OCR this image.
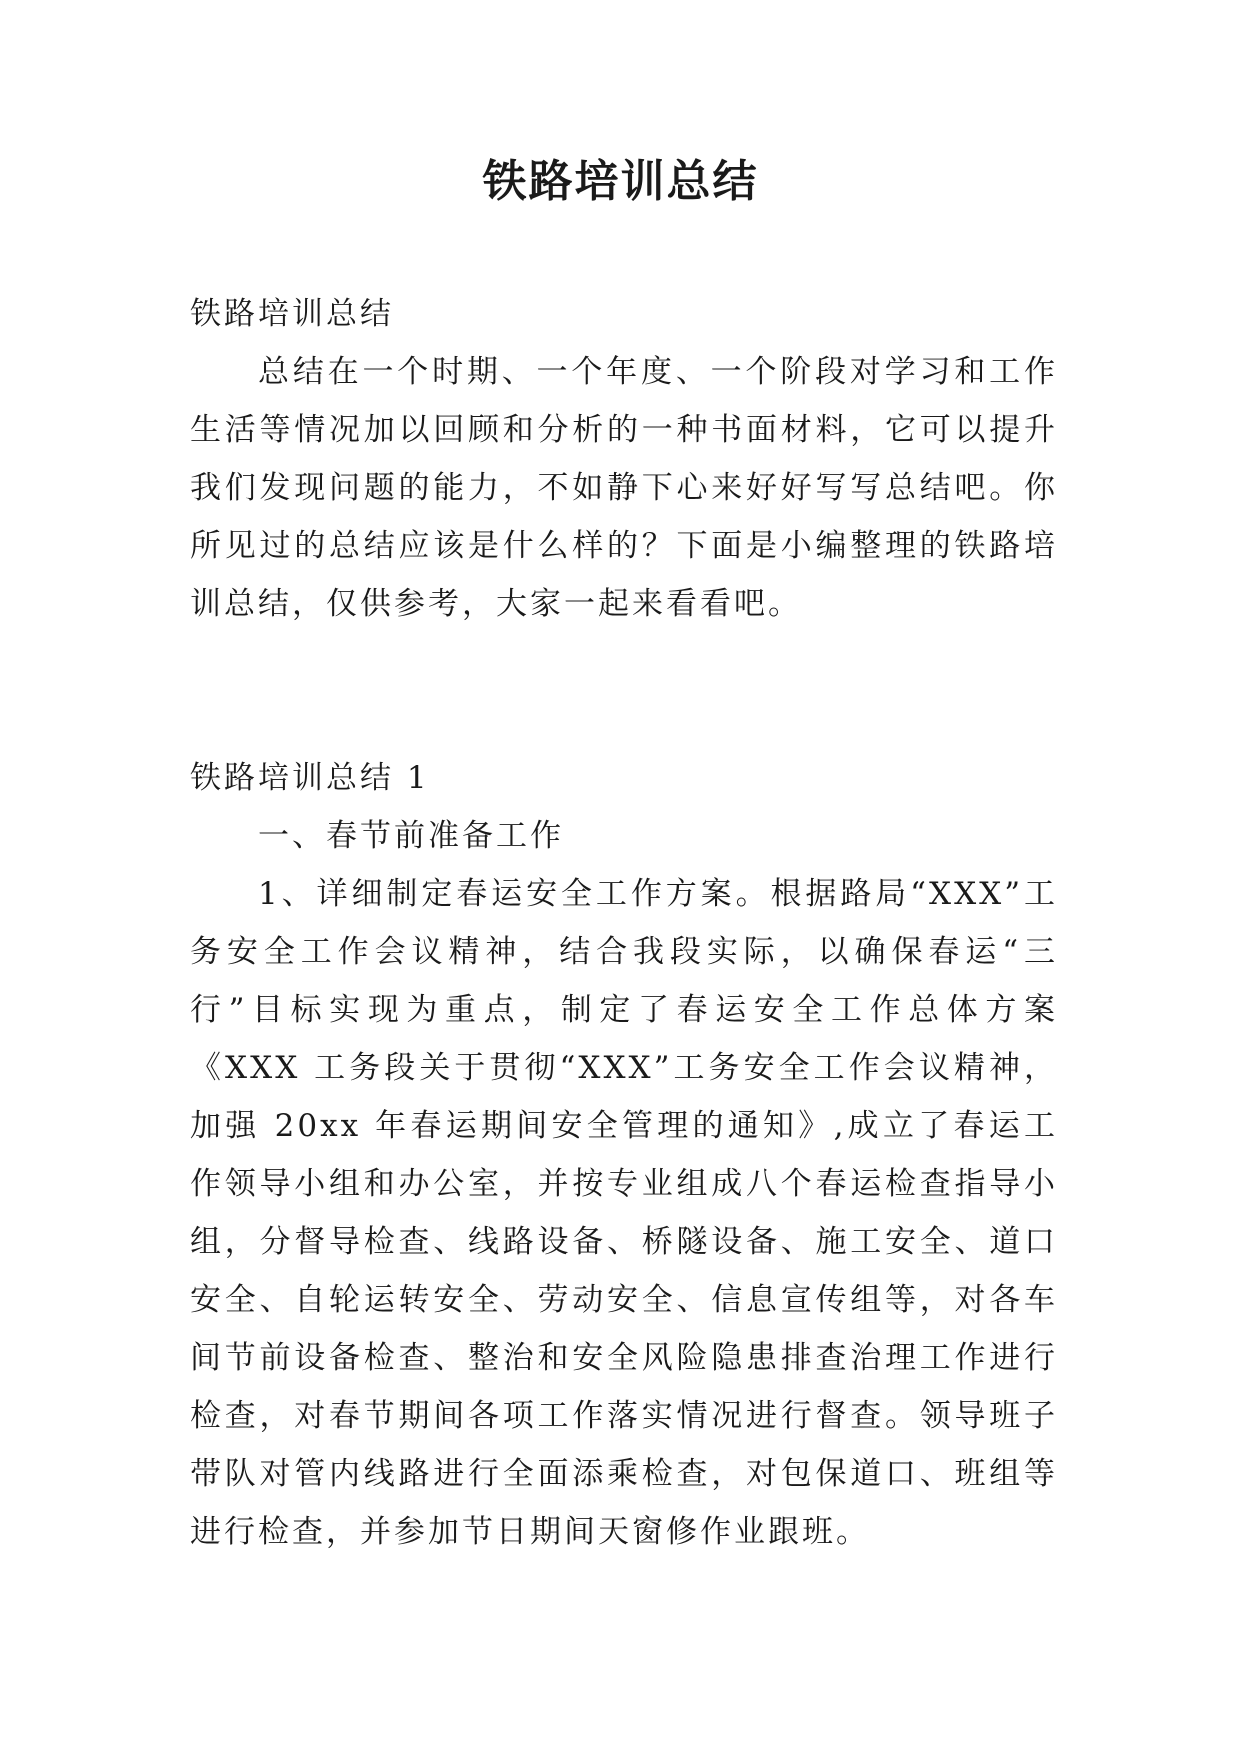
铁路培训总结

铁路培训总结

总结在一个时期、一个年度、一个阶段对学习和工作生活等情况加以回顾和分析的一种书面材料，它可以提升我们发现问题的能力，不如静下心来好好写写总结吧。你所见过的总结应该是什么样的？下面是小编整理的铁路培训总结，仅供参考，大家一起来看看吧。

铁路培训总结 1

一、春节前准备工作

1、详细制定春运安全工作方案。根据路局“XXX”工务安全工作会议精神，结合我段实际，以确保春运“三行”目标实现为重点，制定了春运安全工作总体方案《XXX 工务段关于贯彻“XXX”工务安全工作会议精神，加强 20xx 年春运期间安全管理的通知》,成立了春运工作领导小组和办公室，并按专业组成八个春运检查指导小组，分督导检查、线路设备、桥隧设备、施工安全、道口安全、自轮运转安全、劳动安全、信息宣传组等，对各车间节前设备检查、整治和安全风险隐患排查治理工作进行检查，对春节期间各项工作落实情况进行督查。领导班子带队对管内线路进行全面添乘检查，对包保道口、班组等进行检查，并参加节日期间天窗修作业跟班。
